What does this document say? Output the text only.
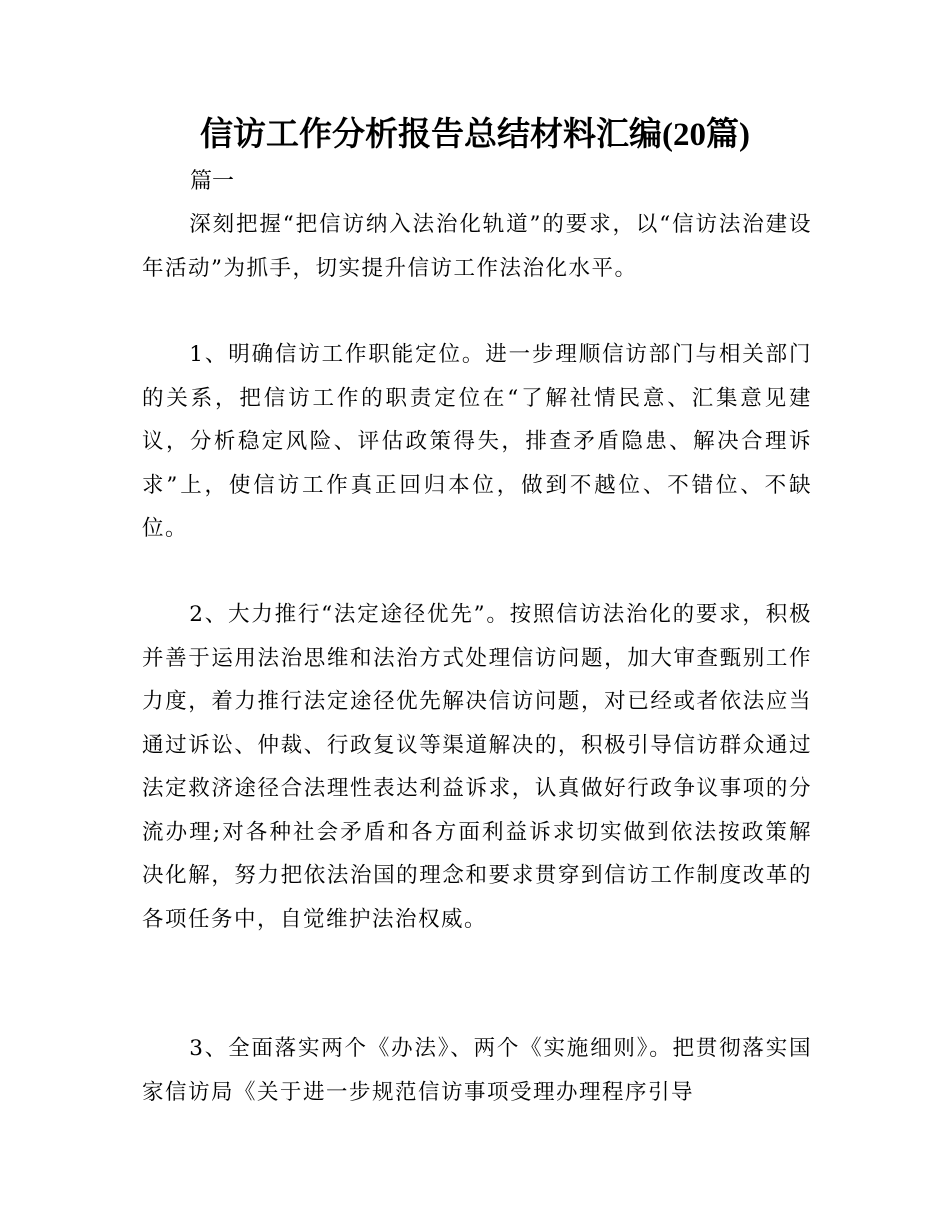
信访工作分析报告总结材料汇编(20篇)
篇一

深刻把握“把信访纳入法治化轨道”的要求，以“信访法治建设年活动”为抓手，切实提升信访工作法治化水平。

1、明确信访工作职能定位。进一步理顺信访部门与相关部门的关系，把信访工作的职责定位在“了解社情民意、汇集意见建议，分析稳定风险、评估政策得失，排查矛盾隐患、解决合理诉求”上，使信访工作真正回归本位，做到不越位、不错位、不缺位。

2、大力推行“法定途径优先”。按照信访法治化的要求，积极并善于运用法治思维和法治方式处理信访问题，加大审查甄别工作力度，着力推行法定途径优先解决信访问题，对已经或者依法应当通过诉讼、仲裁、行政复议等渠道解决的，积极引导信访群众通过法定救济途径合法理性表达利益诉求，认真做好行政争议事项的分流办理;对各种社会矛盾和各方面利益诉求切实做到依法按政策解决化解，努力把依法治国的理念和要求贯穿到信访工作制度改革的各项任务中，自觉维护法治权威。

3、全面落实两个《办法》、两个《实施细则》。把贯彻落实国家信访局《关于进一步规范信访事项受理办理程序引导
